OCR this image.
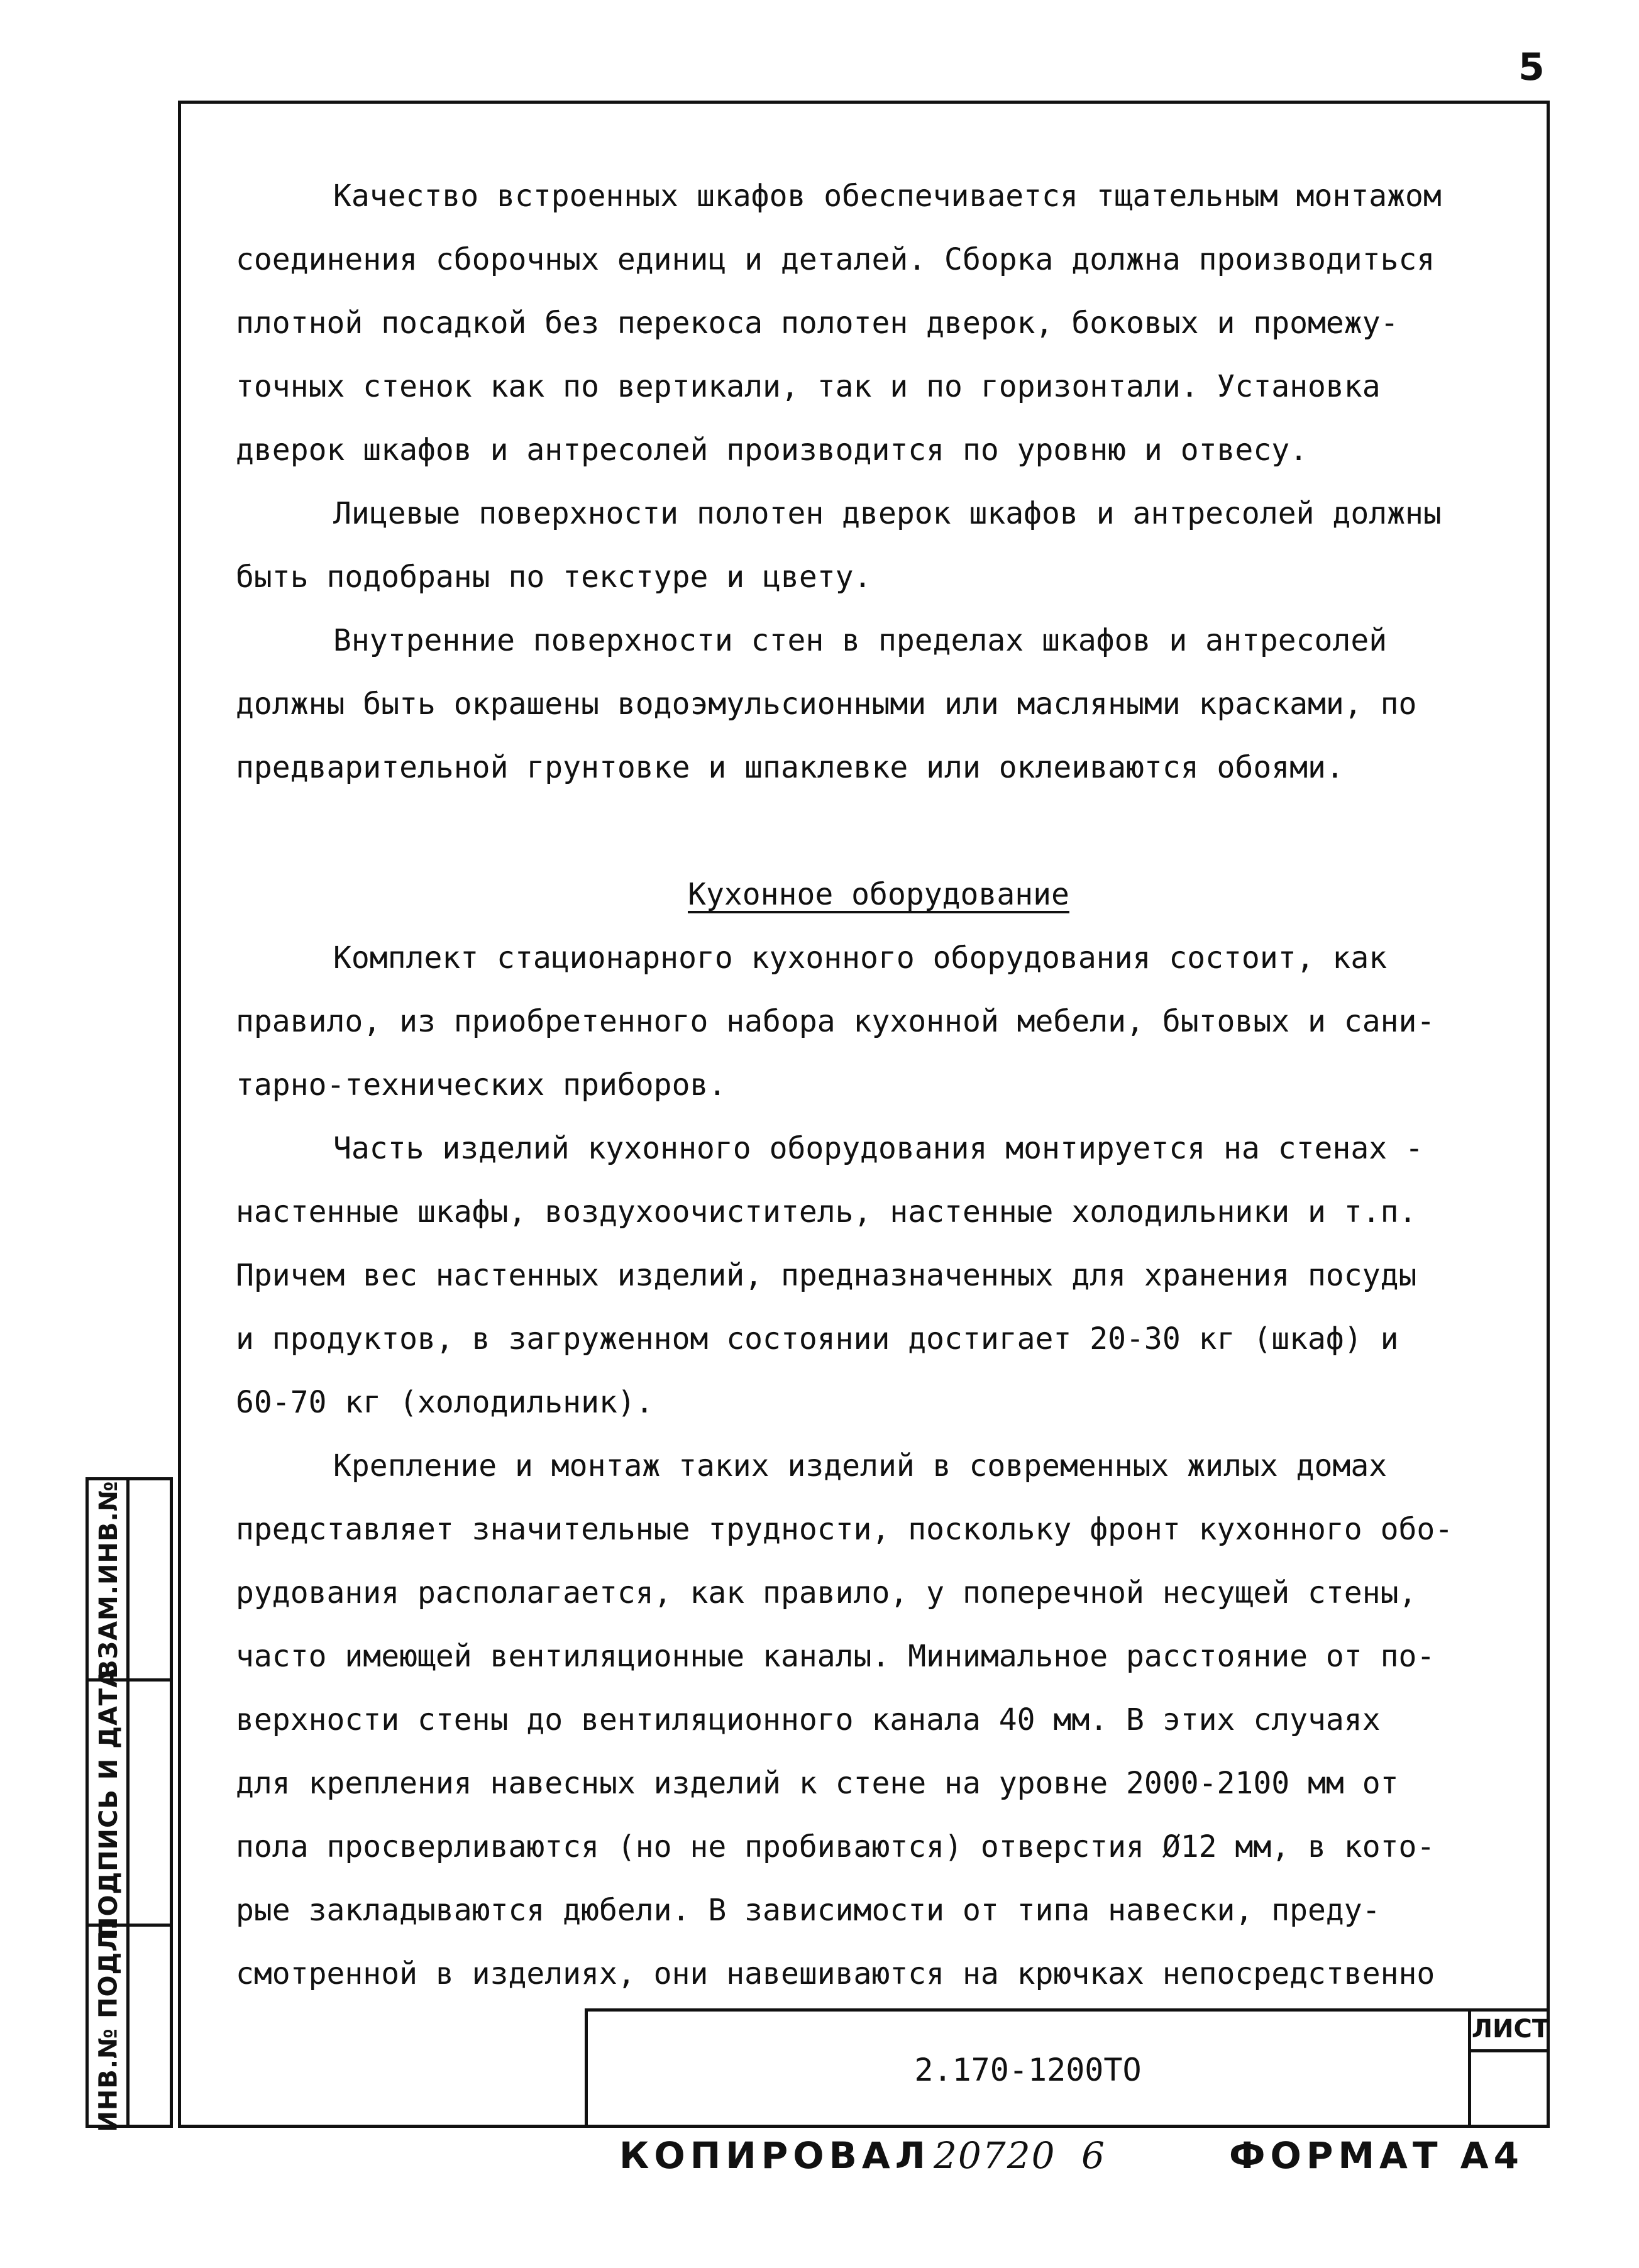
5
ВЗАМ.ИНВ.№
ПОДПИСЬ И ДАТА
ИНВ.№ ПОДЛ.
Качество встроенных шкафов обеспечивается тщательным монтажом
соединения сборочных единиц и деталей. Сборка должна производиться
плотной посадкой без перекоса полотен дверок, боковых и промежу-
точных стенок как по вертикали, так и по горизонтали. Установка
дверок шкафов и антресолей производится по уровню и отвесу.
Лицевые поверхности полотен дверок шкафов и антресолей должны
быть подобраны по текстуре и цвету.
Внутренние поверхности стен в пределах шкафов и антресолей
должны быть окрашены водоэмульсионными или масляными красками, по
предварительной грунтовке и шпаклевке или оклеиваются обоями.
Кухонное оборудование
Комплект стационарного кухонного оборудования состоит, как
правило, из приобретенного набора кухонной мебели, бытовых и сани-
тарно-технических приборов.
Часть изделий кухонного оборудования монтируется на стенах -
настенные шкафы, воздухоочиститель, настенные холодильники и т.п.
Причем вес настенных изделий, предназначенных для хранения посуды
и продуктов, в загруженном состоянии достигает 20-30 кг (шкаф) и
60-70 кг (холодильник).
Крепление и монтаж таких изделий в современных жилых домах
представляет значительные трудности, поскольку фронт кухонного обо-
рудования располагается, как правило, у поперечной несущей стены,
часто имеющей вентиляционные каналы. Минимальное расстояние от по-
верхности стены до вентиляционного канала 40 мм. В этих случаях
для крепления навесных изделий к стене на уровне 2000-2100 мм от
пола просверливаются (но не пробиваются) отверстия Ø12 мм, в кото-
рые закладываются дюбели. В зависимости от типа навески, преду-
смотренной в изделиях, они навешиваются на крючках непосредственно
2.170-1200ТО
ЛИСТ
КОПИРОВАЛ 20720 6	ФОРМАТ А4
